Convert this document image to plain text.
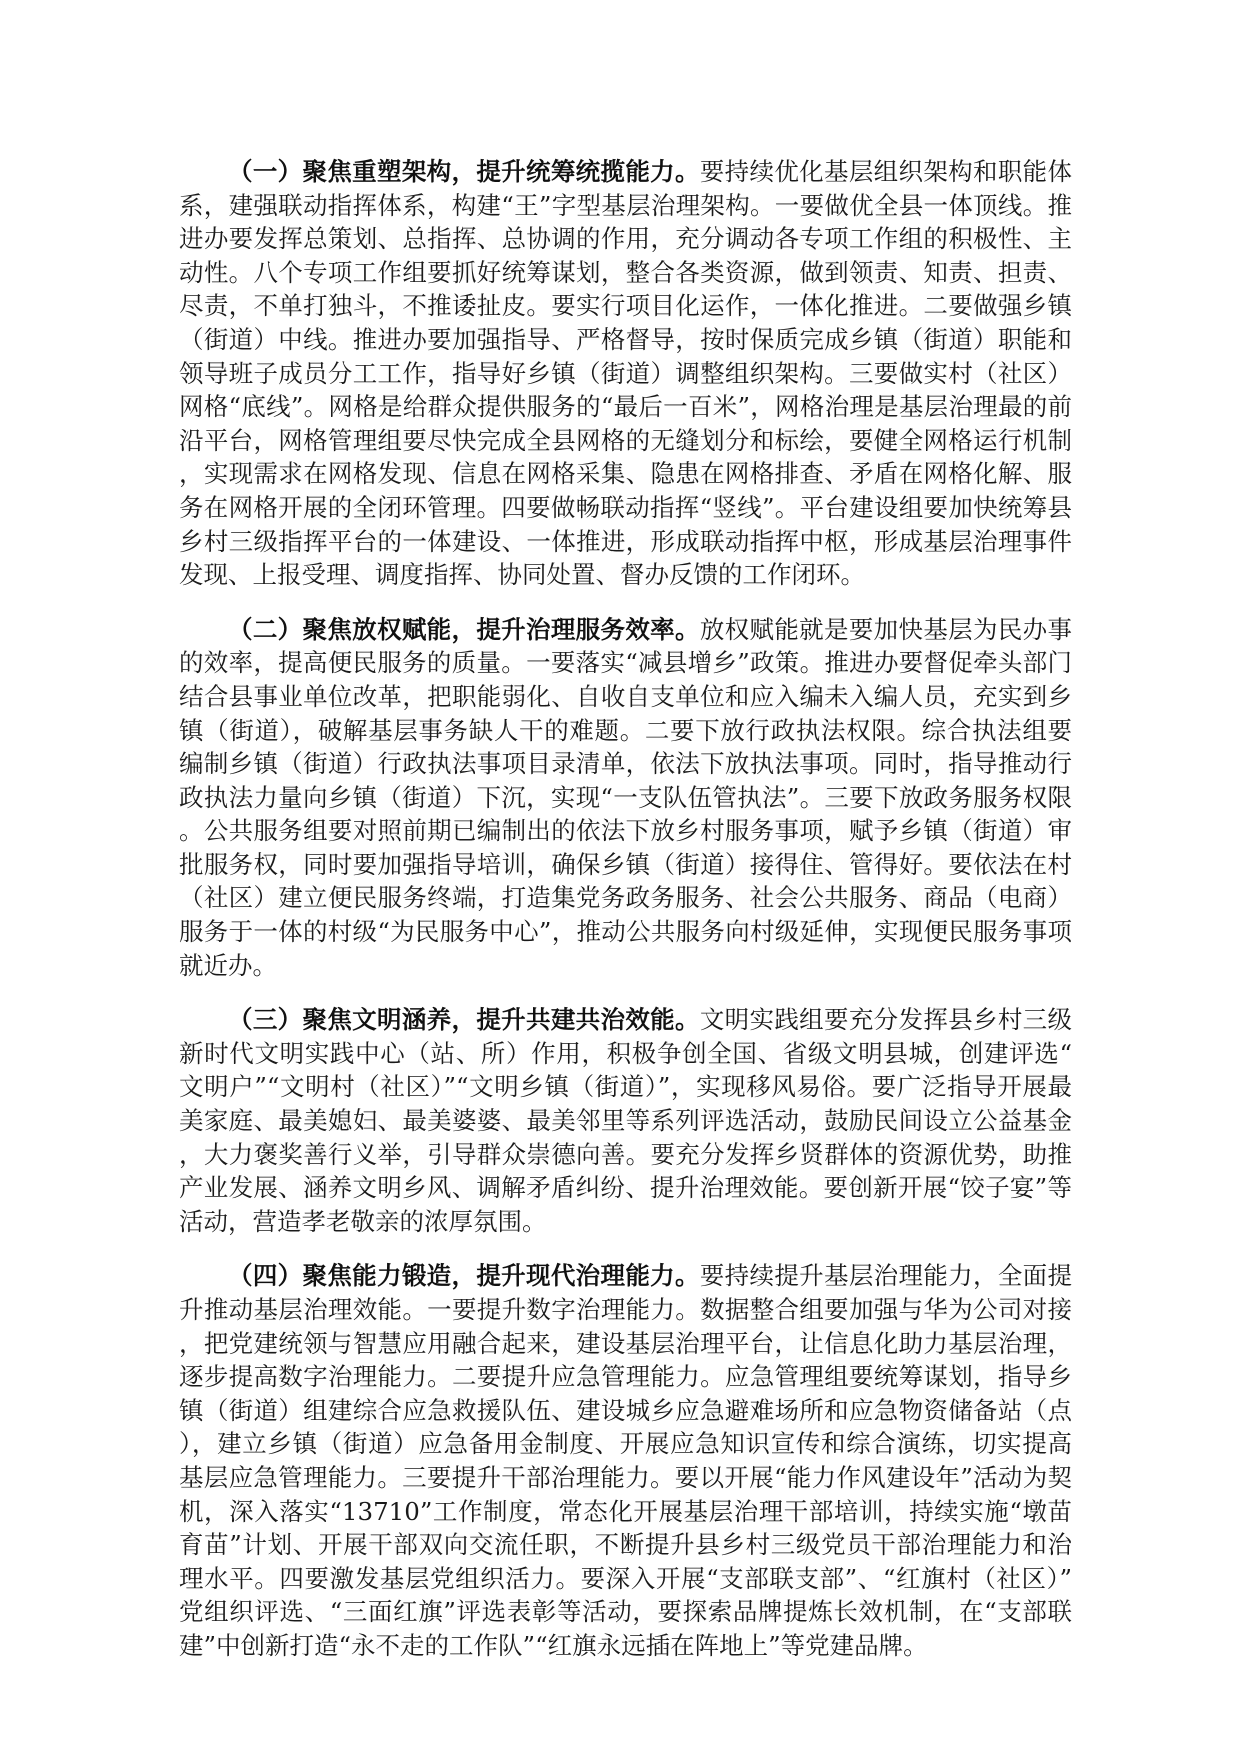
（一）聚焦重塑架构，提升统筹统揽能力。要持续优化基层组织架构和职能体系，建强联动指挥体系，构建“王”字型基层治理架构。一要做优全县一体顶线。推进办要发挥总策划、总指挥、总协调的作用，充分调动各专项工作组的积极性、主动性。八个专项工作组要抓好统筹谋划，整合各类资源，做到领责、知责、担责、尽责，不单打独斗，不推诿扯皮。要实行项目化运作，一体化推进。二要做强乡镇（街道）中线。推进办要加强指导、严格督导，按时保质完成乡镇（街道）职能和领导班子成员分工工作，指导好乡镇（街道）调整组织架构。三要做实村（社区）网格“底线”。网格是给群众提供服务的“最后一百米”，网格治理是基层治理最的前沿平台，网格管理组要尽快完成全县网格的无缝划分和标绘，要健全网格运行机制，实现需求在网格发现、信息在网格采集、隐患在网格排查、矛盾在网格化解、服务在网格开展的全闭环管理。四要做畅联动指挥“竖线”。平台建设组要加快统筹县乡村三级指挥平台的一体建设、一体推进，形成联动指挥中枢，形成基层治理事件发现、上报受理、调度指挥、协同处置、督办反馈的工作闭环。

（二）聚焦放权赋能，提升治理服务效率。放权赋能就是要加快基层为民办事的效率，提高便民服务的质量。一要落实“减县增乡”政策。推进办要督促牵头部门结合县事业单位改革，把职能弱化、自收自支单位和应入编未入编人员，充实到乡镇（街道），破解基层事务缺人干的难题。二要下放行政执法权限。综合执法组要编制乡镇（街道）行政执法事项目录清单，依法下放执法事项。同时，指导推动行政执法力量向乡镇（街道）下沉，实现“一支队伍管执法”。三要下放政务服务权限。公共服务组要对照前期已编制出的依法下放乡村服务事项，赋予乡镇（街道）审批服务权，同时要加强指导培训，确保乡镇（街道）接得住、管得好。要依法在村（社区）建立便民服务终端，打造集党务政务服务、社会公共服务、商品（电商）服务于一体的村级“为民服务中心”，推动公共服务向村级延伸，实现便民服务事项就近办。

（三）聚焦文明涵养，提升共建共治效能。文明实践组要充分发挥县乡村三级新时代文明实践中心（站、所）作用，积极争创全国、省级文明县城，创建评选“文明户”“文明村（社区）”“文明乡镇（街道）”，实现移风易俗。要广泛指导开展最美家庭、最美媳妇、最美婆婆、最美邻里等系列评选活动，鼓励民间设立公益基金，大力褒奖善行义举，引导群众崇德向善。要充分发挥乡贤群体的资源优势，助推产业发展、涵养文明乡风、调解矛盾纠纷、提升治理效能。要创新开展“饺子宴”等活动，营造孝老敬亲的浓厚氛围。

（四）聚焦能力锻造，提升现代治理能力。要持续提升基层治理能力，全面提升推动基层治理效能。一要提升数字治理能力。数据整合组要加强与华为公司对接，把党建统领与智慧应用融合起来，建设基层治理平台，让信息化助力基层治理，逐步提高数字治理能力。二要提升应急管理能力。应急管理组要统筹谋划，指导乡镇（街道）组建综合应急救援队伍、建设城乡应急避难场所和应急物资储备站（点），建立乡镇（街道）应急备用金制度、开展应急知识宣传和综合演练，切实提高基层应急管理能力。三要提升干部治理能力。要以开展“能力作风建设年”活动为契机，深入落实“13710”工作制度，常态化开展基层治理干部培训，持续实施“墩苗育苗”计划、开展干部双向交流任职，不断提升县乡村三级党员干部治理能力和治理水平。四要激发基层党组织活力。要深入开展“支部联支部”、“红旗村（社区）”党组织评选、“三面红旗”评选表彰等活动，要探索品牌提炼长效机制，在“支部联建”中创新打造“永不走的工作队”“红旗永远插在阵地上”等党建品牌。
